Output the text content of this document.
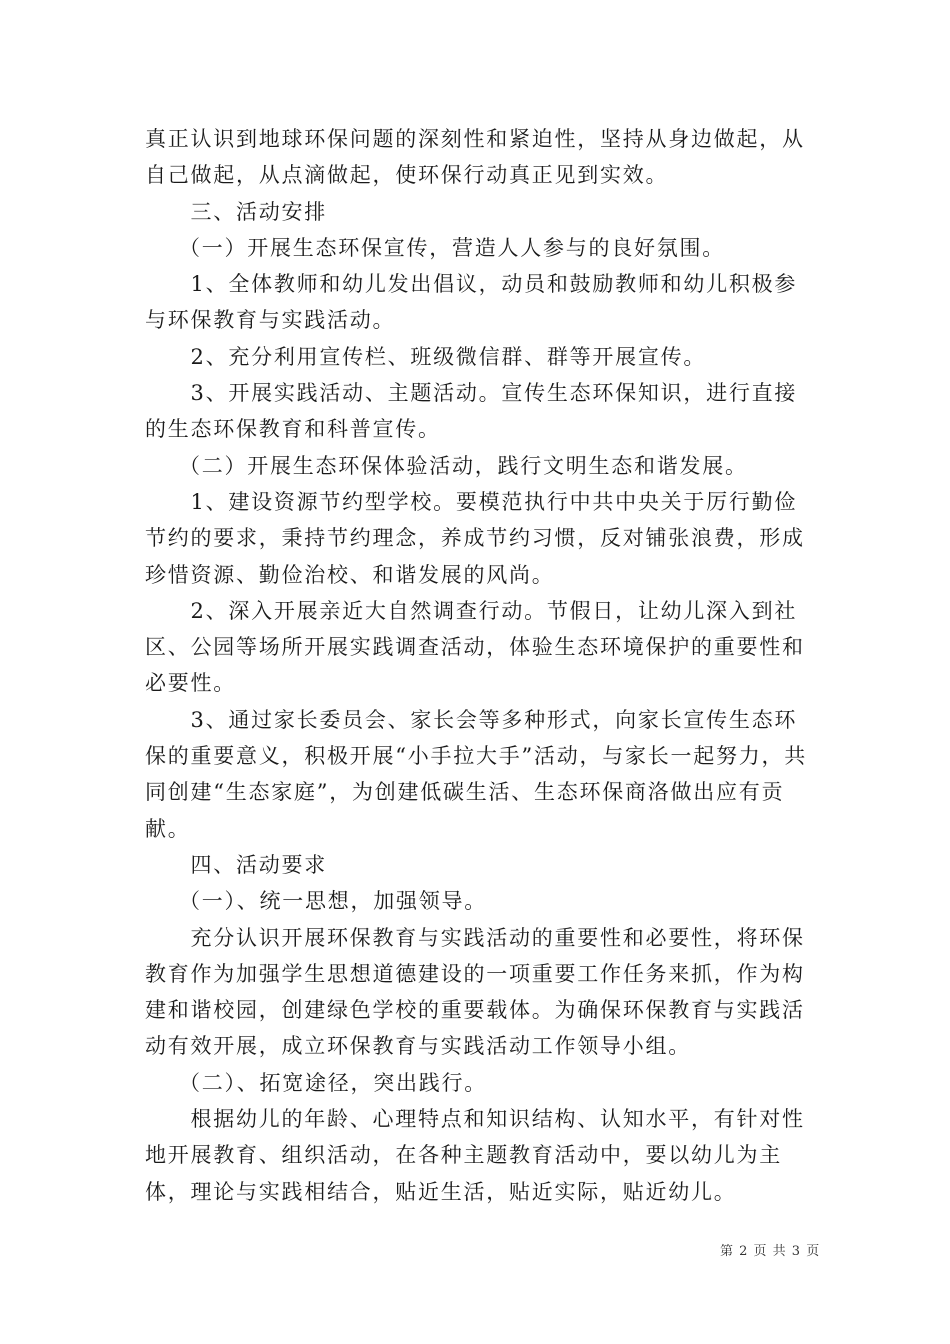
真正认识到地球环保问题的深刻性和紧迫性，坚持从身边做起，从自己做起，从点滴做起，使环保行动真正见到实效。

三、活动安排

（一）开展生态环保宣传，营造人人参与的良好氛围。

1、全体教师和幼儿发出倡议，动员和鼓励教师和幼儿积极参与环保教育与实践活动。

2、充分利用宣传栏、班级微信群、群等开展宣传。

3、开展实践活动、主题活动。宣传生态环保知识，进行直接的生态环保教育和科普宣传。

（二）开展生态环保体验活动，践行文明生态和谐发展。

1、建设资源节约型学校。要模范执行中共中央关于厉行勤俭节约的要求，秉持节约理念，养成节约习惯，反对铺张浪费，形成珍惜资源、勤俭治校、和谐发展的风尚。

2、深入开展亲近大自然调查行动。节假日，让幼儿深入到社区、公园等场所开展实践调查活动，体验生态环境保护的重要性和必要性。

3、通过家长委员会、家长会等多种形式，向家长宣传生态环保的重要意义，积极开展“小手拉大手”活动，与家长一起努力，共同创建“生态家庭”，为创建低碳生活、生态环保商洛做出应有贡献。

四、活动要求

（一）、统一思想，加强领导。

充分认识开展环保教育与实践活动的重要性和必要性，将环保教育作为加强学生思想道德建设的一项重要工作任务来抓，作为构建和谐校园，创建绿色学校的重要载体。为确保环保教育与实践活动有效开展，成立环保教育与实践活动工作领导小组。

（二）、拓宽途径，突出践行。

根据幼儿的年龄、心理特点和知识结构、认知水平，有针对性地开展教育、组织活动，在各种主题教育活动中，要以幼儿为主体，理论与实践相结合，贴近生活，贴近实际，贴近幼儿。

第 2 页 共 3 页
